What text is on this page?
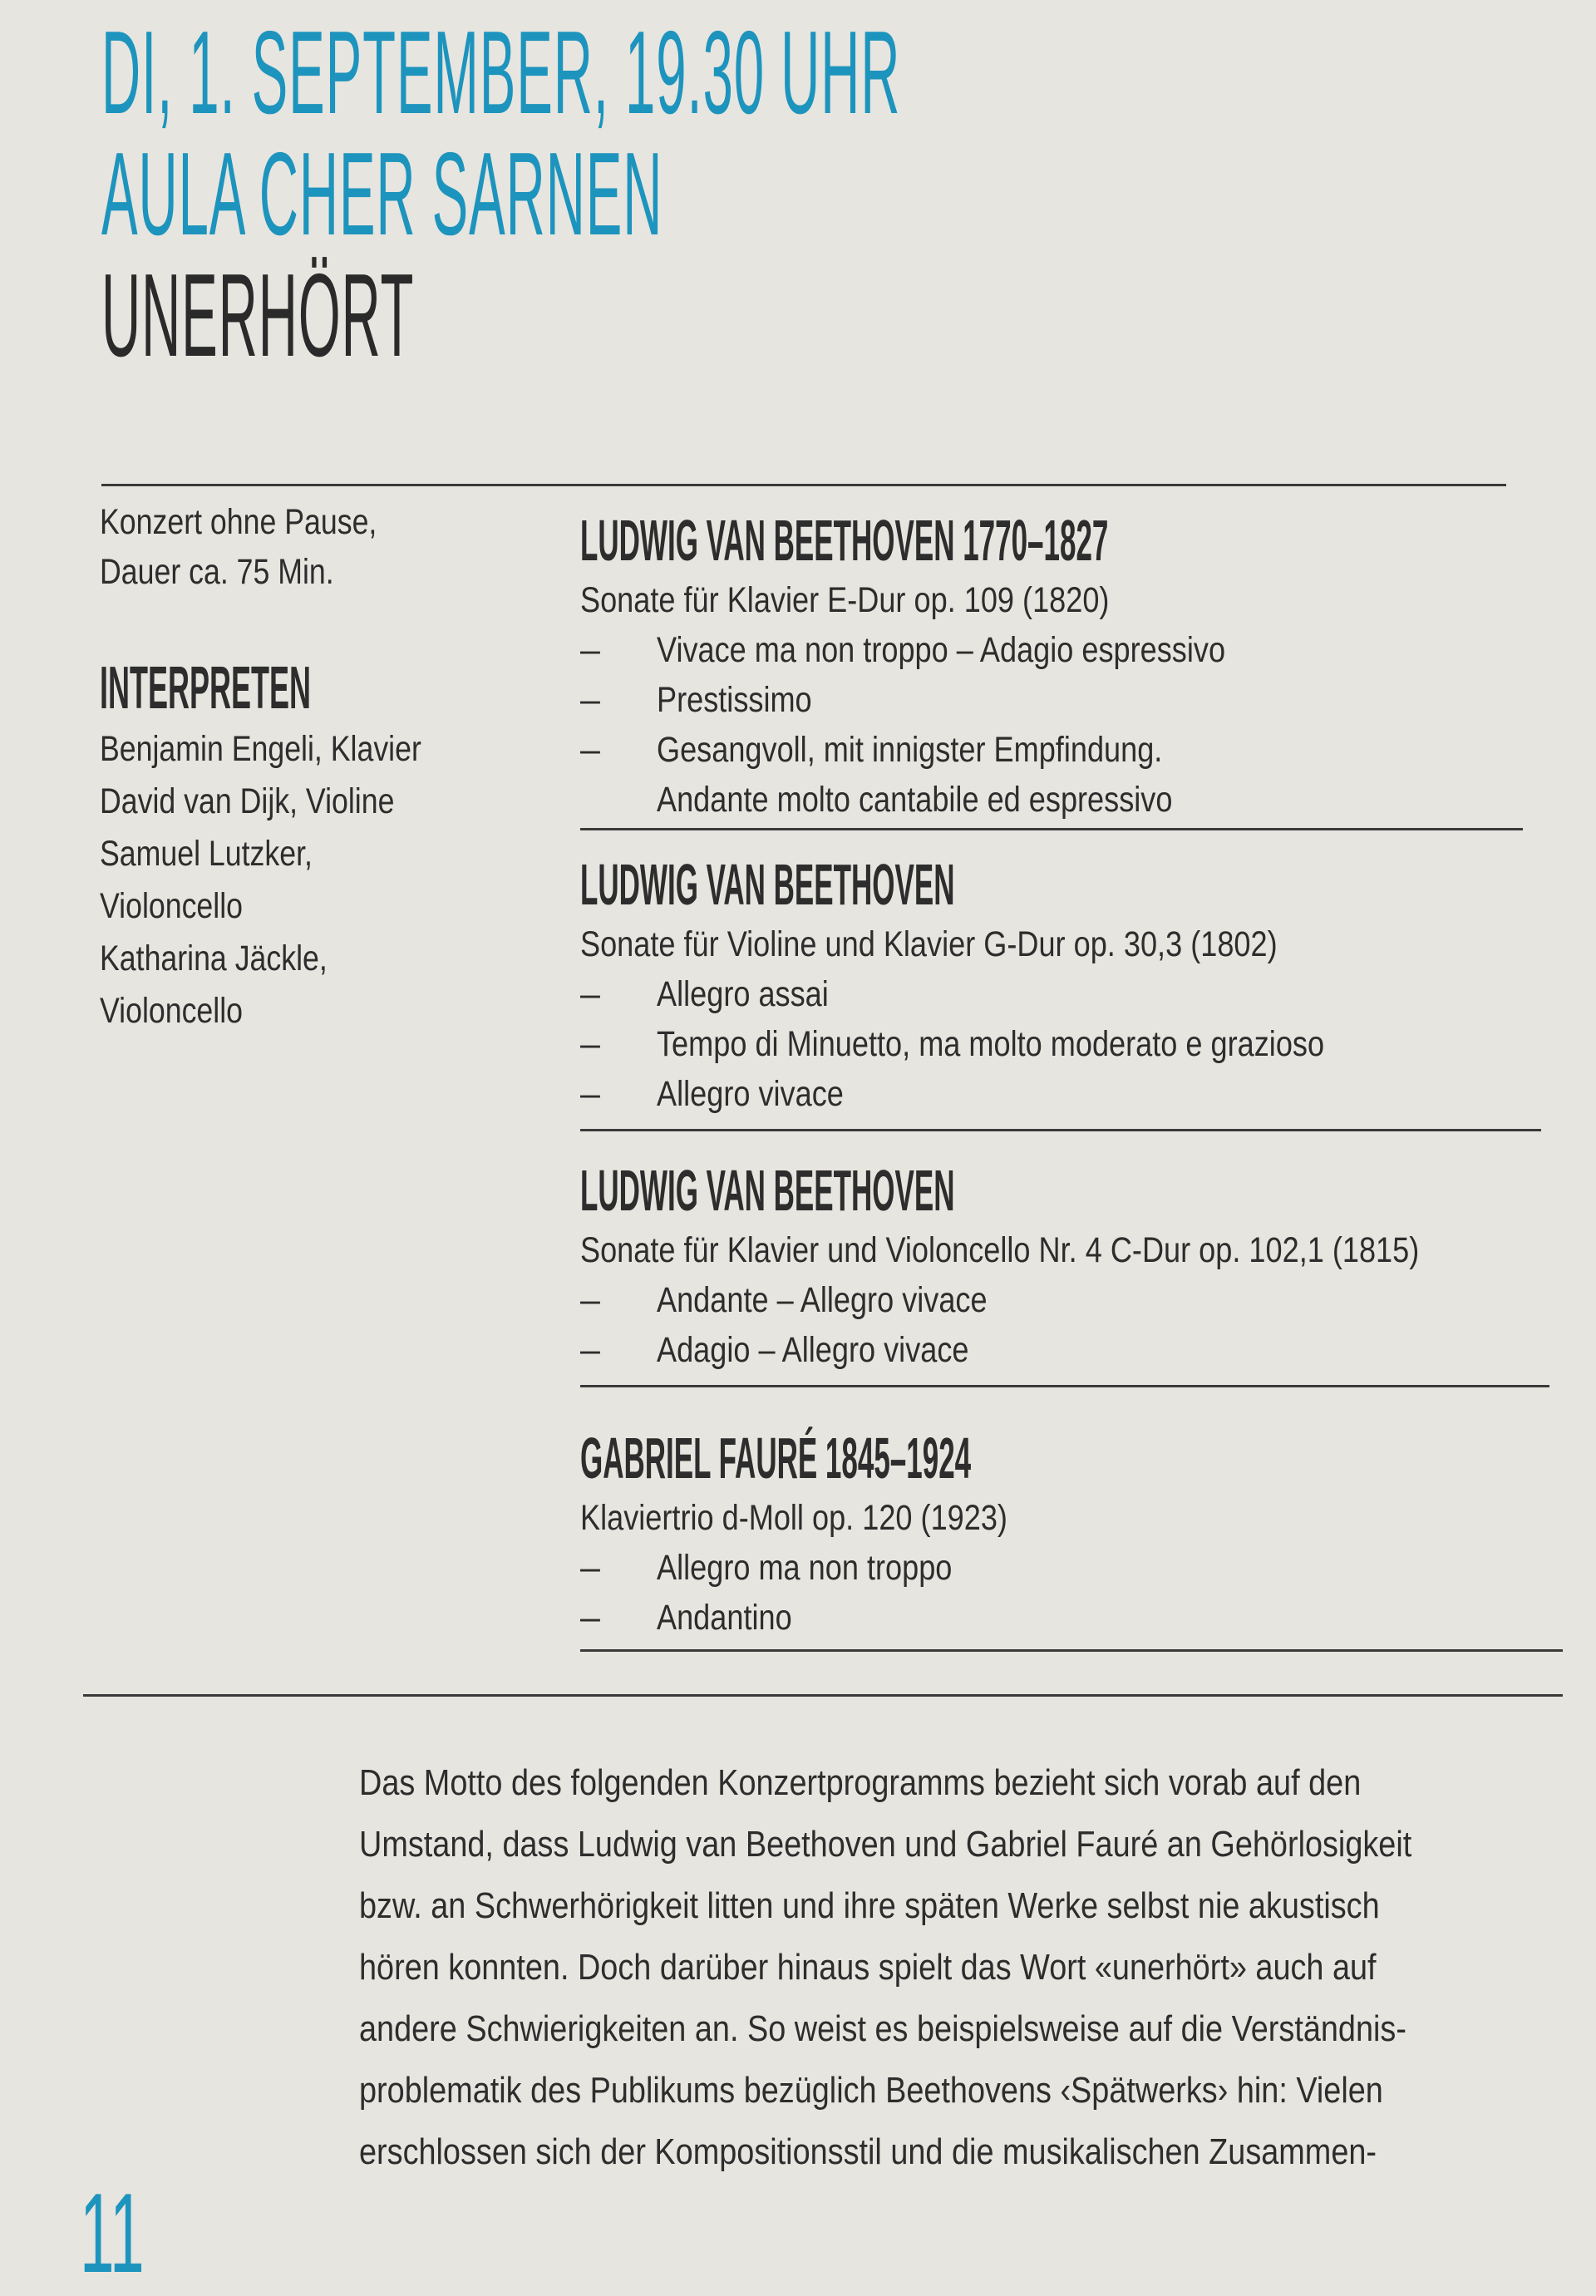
DI, 1. SEPTEMBER, 19.30 UHR
AULA CHER SARNEN
UNERHÖRT
Konzert ohne Pause,
Dauer ca. 75 Min.
INTERPRETEN
Benjamin Engeli, Klavier
David van Dijk, Violine
Samuel Lutzker,
Violoncello
Katharina Jäckle,
Violoncello
LUDWIG VAN BEETHOVEN 1770–1827
Sonate für Klavier E-Dur op. 109 (1820)
–	Vivace ma non troppo – Adagio espressivo
–	Prestissimo
–	Gesangvoll, mit innigster Empfindung.
Andante molto cantabile ed espressivo
LUDWIG VAN BEETHOVEN
Sonate für Violine und Klavier G-Dur op. 30,3 (1802)
–	Allegro assai
–	Tempo di Minuetto, ma molto moderato e grazioso
–	Allegro vivace
LUDWIG VAN BEETHOVEN
Sonate für Klavier und Violoncello Nr. 4 C-Dur op. 102,1 (1815)
–	Andante – Allegro vivace
–	Adagio – Allegro vivace
GABRIEL FAURÉ 1845–1924
Klaviertrio d-Moll op. 120 (1923)
–	Allegro ma non troppo
–	Andantino
Das Motto des folgenden Konzertprogramms bezieht sich vorab auf den
Umstand, dass Ludwig van Beethoven und Gabriel Fauré an Gehörlosigkeit
bzw. an Schwerhörigkeit litten und ihre späten Werke selbst nie akustisch
hören konnten. Doch darüber hinaus spielt das Wort «unerhört» auch auf
andere Schwierigkeiten an. So weist es beispielsweise auf die Verständnis-
problematik des Publikums bezüglich Beethovens ‹Spätwerks› hin: Vielen
erschlossen sich der Kompositionsstil und die musikalischen Zusammen-
11
